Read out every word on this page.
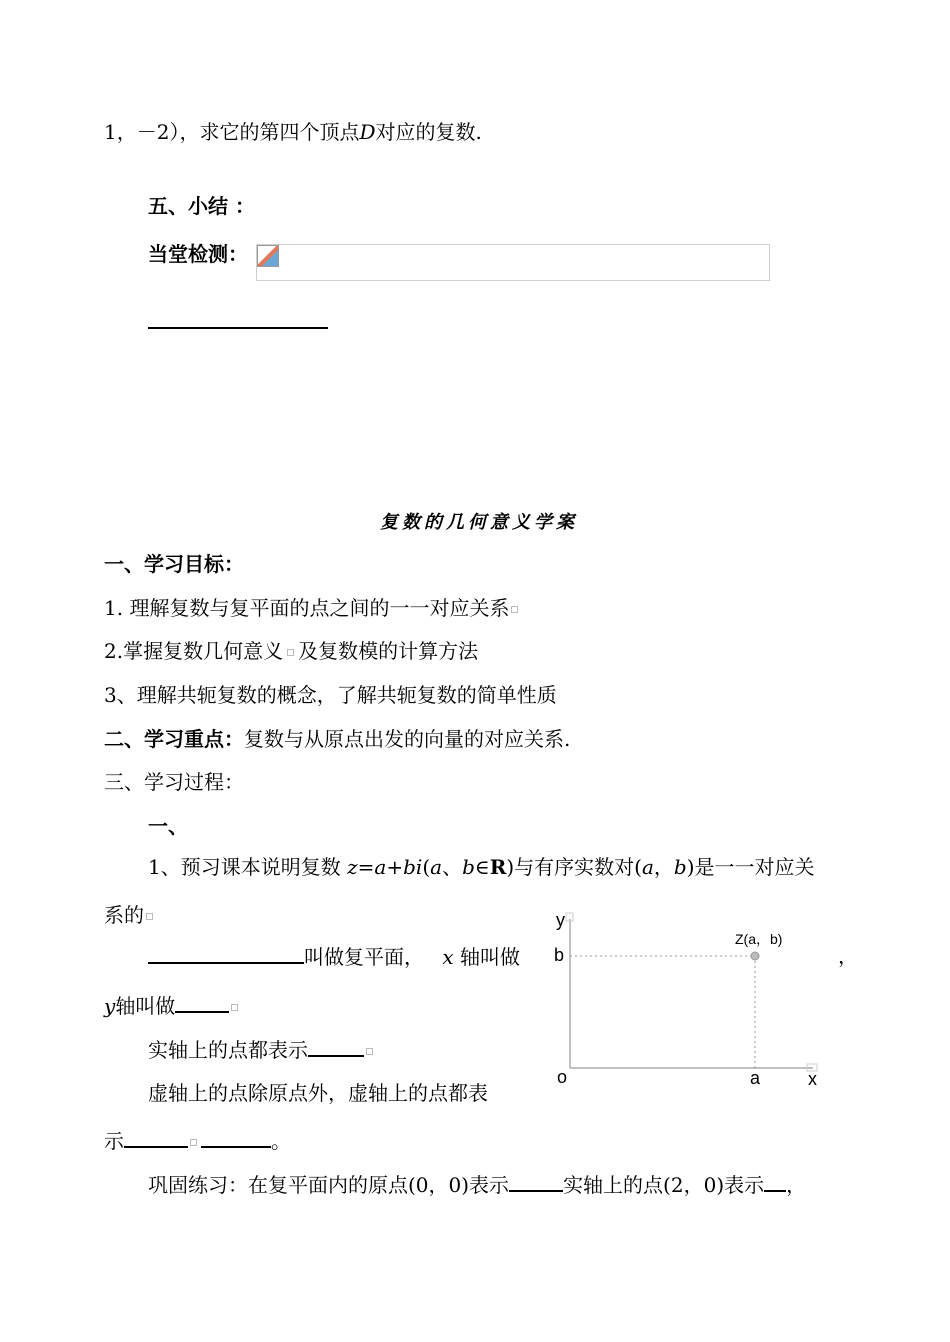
1，－2），求它的第四个顶点D对应的复数.
五、小结 ：
当堂检测：
复数的几何意义学案
一、学习目标：
1. 理解复数与复平面的点之间的一一对应关系
2.掌握复数几何意义 及复数模的计算方法
3、理解共轭复数的概念，了解共轭复数的简单性质
二、学习重点：复数与从原点出发的向量的对应关系.
三、学习过程：
一、
1、预习课本说明复数 z=a+bi(a、b∈R)与有序实数对(a，b)是一一对应关
系的
叫做复平面， x 轴叫做	，
y轴叫做
实轴上的点都表示
虚轴上的点除原点外，虚轴上的点都表
示	。
巩固练习：在复平面内的原点(0，0)表示	实轴上的点(2，0)表示 ，
y
b
Z(a，b)
o	a	x
